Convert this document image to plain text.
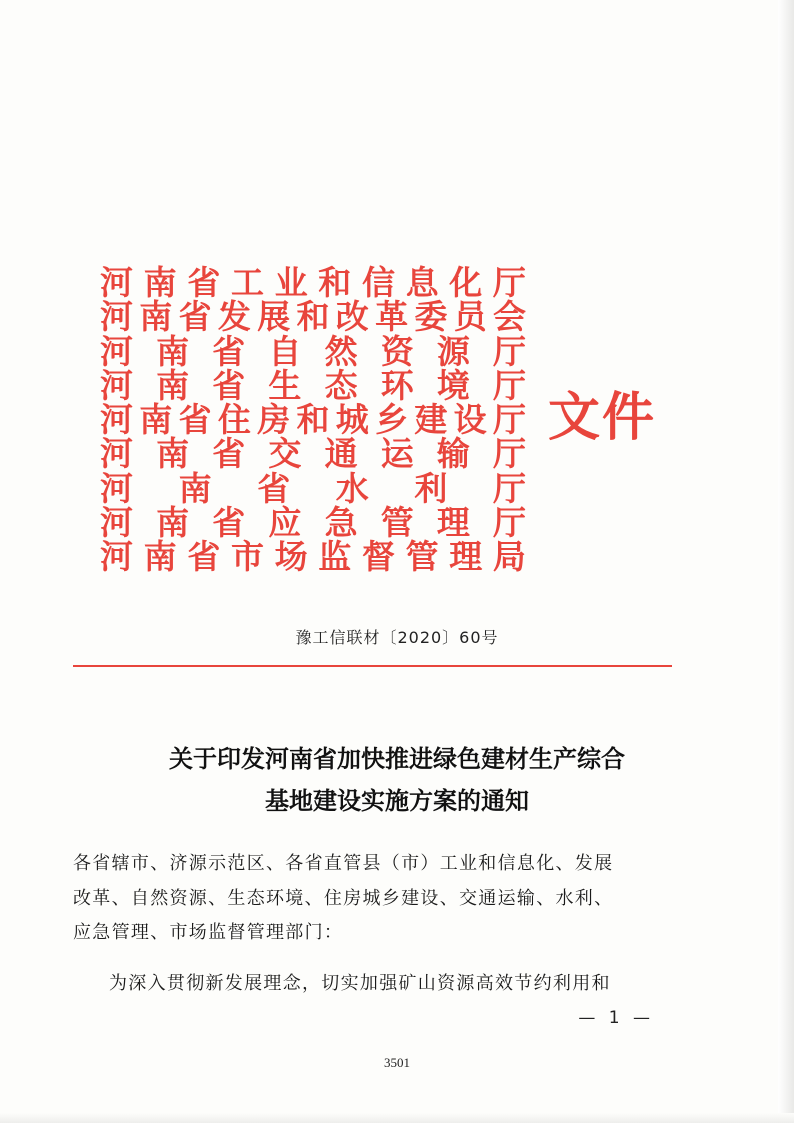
河 南 省 工 业 和 信 息 化 厅
河 南 省 发 展 和 改 革 委 员 会
河 南 省 自 然 资 源 厅
河 南 省 生 态 环 境 厅
河 南 省 住 房 和 城 乡 建 设 厅
河 南 省 交 通 运 输 厅
河 南 省 水 利 厅
河 南 省 应 急 管 理 厅
河 南 省 市 场 监 督 管 理 局
文件
豫工信联材〔2020〕60号
关于印发河南省加快推进绿色建材生产综合
基地建设实施方案的通知
各省辖市、济源示范区、各省直管县（市）工业和信息化、发展
改革、自然资源、生态环境、住房城乡建设、交通运输、水利、
应急管理、市场监督管理部门：
为深入贯彻新发展理念，切实加强矿山资源高效节约利用和
— 1 —
3501
